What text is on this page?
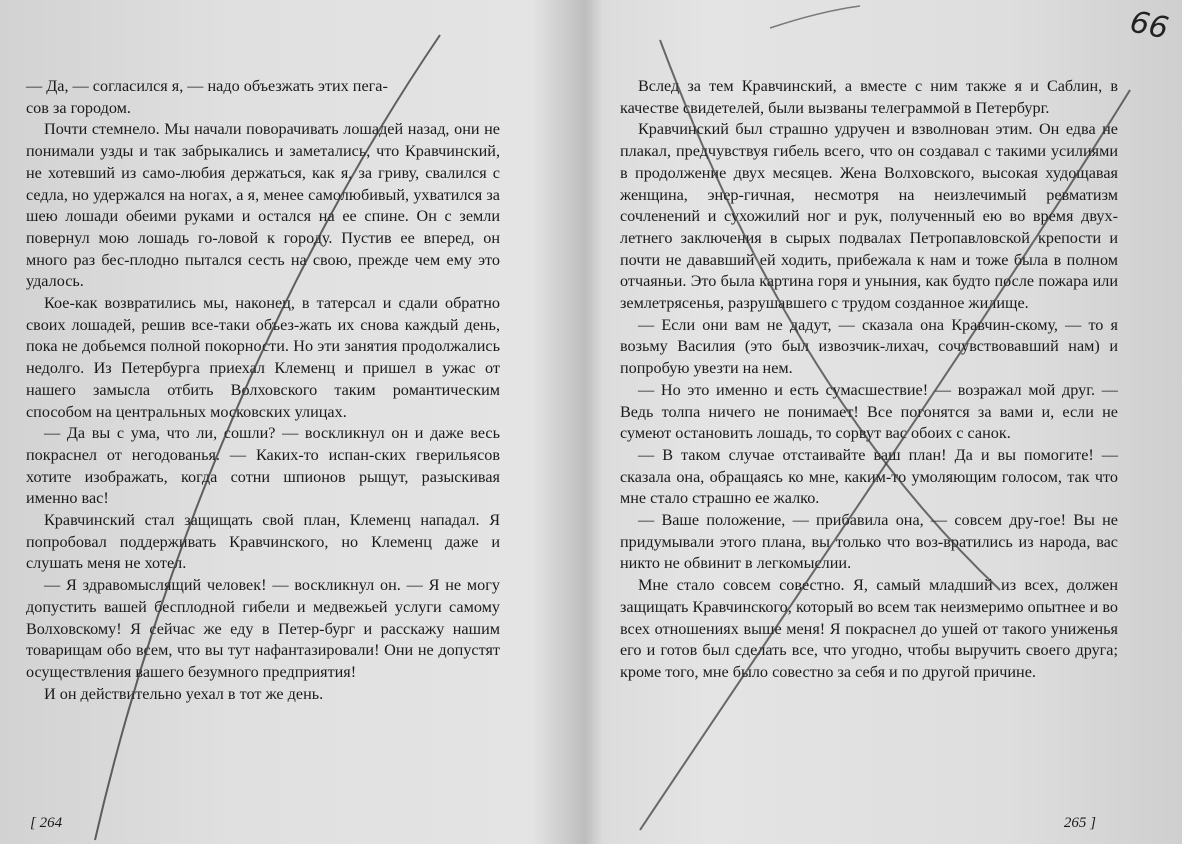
— Да, — согласился я, — надо объезжать этих пега-
сов за городом.

Почти стемнело. Мы начали поворачивать лошадей назад, они не понимали узды и так забрыкались и заметались, что Кравчинский, не хотевший из само-любия держаться, как я, за гриву, свалился с седла, но удержался на ногах, а я, менее самолюбивый, ухватился за шею лошади обеими руками и остался на ее спине. Он с земли повернул мою лошадь го-ловой к городу. Пустив ее вперед, он много раз бес-плодно пытался сесть на свою, прежде чем ему это удалось.

Кое-как возвратились мы, наконец, в татерсал и сдали обратно своих лошадей, решив все-таки объез-жать их снова каждый день, пока не добьемся полной покорности. Но эти занятия продолжались недолго. Из Петербурга приехал Клеменц и пришел в ужас от нашего замысла отбить Волховского таким романтическим способом на центральных московских улицах.

— Да вы с ума, что ли, сошли? — воскликнул он и даже весь покраснел от негодованья. — Каких-то испан-ских гверильясов хотите изображать, когда сотни шпионов рыщут, разыскивая именно вас!

Кравчинский стал защищать свой план, Клеменц нападал. Я попробовал поддерживать Кравчинского, но Клеменц даже и слушать меня не хотел.

— Я здравомыслящий человек! — воскликнул он. — Я не могу допустить вашей бесплодной гибели и медвежьей услуги самому Волховскому! Я сейчас же еду в Петер-бург и расскажу нашим товарищам обо всем, что вы тут нафантазировали! Они не допустят осуществления вашего безумного предприятия!

И он действительно уехал в тот же день.

[ 264

Вслед за тем Кравчинский, а вместе с ним также я и Саблин, в качестве свидетелей, были вызваны телеграммой в Петербург.

Кравчинский был страшно удручен и взволнован этим. Он едва не плакал, предчувствуя гибель всего, что он создавал с такими усилиями в продолжение двух месяцев. Жена Волховского, высокая худощавая женщина, энер-гичная, несмотря на неизлечимый ревматизм сочленений и сухожилий ног и рук, полученный ею во время двух-летнего заключения в сырых подвалах Петропавловской крепости и почти не дававший ей ходить, прибежала к нам и тоже была в полном отчаяньи. Это была картина горя и уныния, как будто после пожара или землетрясенья, разрушавшего с трудом созданное жилище.

— Если они вам не дадут, — сказала она Кравчин-скому, — то я возьму Василия (это был извозчик-лихач, сочувствовавший нам) и попробую увезти на нем.

— Но это именно и есть сумасшествие! — возражал мой друг. — Ведь толпа ничего не понимает! Все погонятся за вами и, если не сумеют остановить лошадь, то сорвут вас обоих с санок.

— В таком случае отстаивайте ваш план! Да и вы помогите! — сказала она, обращаясь ко мне, каким-то умоляющим голосом, так что мне стало страшно ее жалко.

— Ваше положение, — прибавила она, — совсем дру-гое! Вы не придумывали этого плана, вы только что воз-вратились из народа, вас никто не обвинит в легкомыслии.

Мне стало совсем совестно. Я, самый младший из всех, должен защищать Кравчинского, который во всем так неизмеримо опытнее и во всех отношениях выше меня! Я покраснел до ушей от такого униженья его и готов был сделать все, что угодно, чтобы выручить своего друга; кроме того, мне было совестно за себя и по другой причине.

265 ]
66
